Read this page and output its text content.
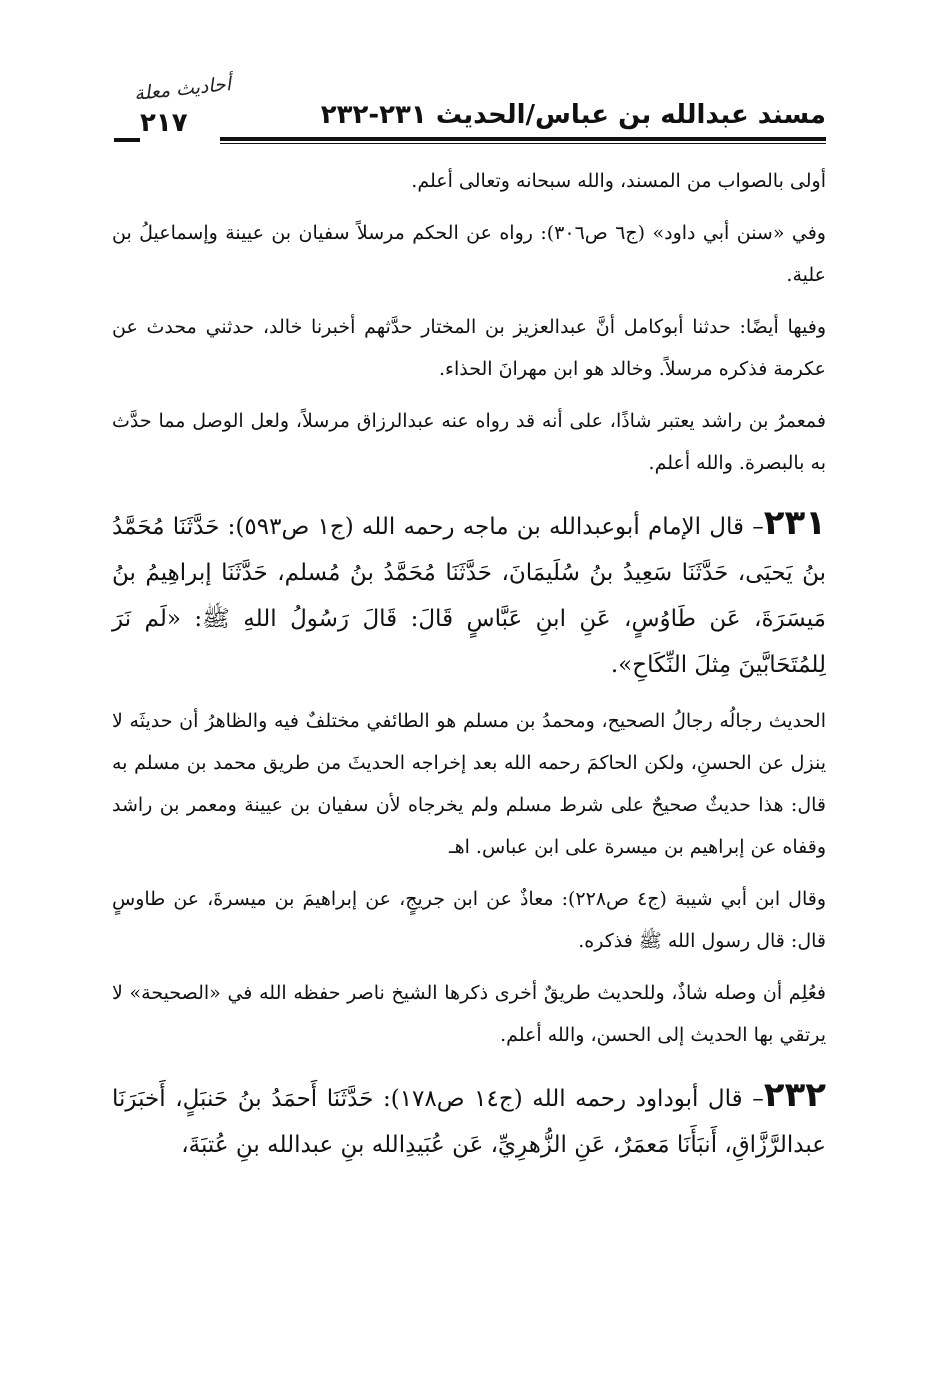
مسند عبدالله بن عباس/الحديث ٢٣١-٢٣٢
أحاديث معلة
٢١٧

أولى بالصواب من المسند، والله سبحانه وتعالى أعلم.

وفي «سنن أبي داود» (ج٦ ص٣٠٦): رواه عن الحكم مرسلاً سفيان بن عيينة وإسماعيلُ بن علية.

وفيها أيضًا: حدثنا أبوكامل أنَّ عبدالعزيز بن المختار حدَّثهم أخبرنا خالد، حدثني محدث عن عكرمة فذكره مرسلاً. وخالد هو ابن مهرانَ الحذاء.

فمعمرُ بن راشد يعتبر شاذًا، على أنه قد رواه عنه عبدالرزاق مرسلاً، ولعل الوصل مما حدَّث به بالبصرة. والله أعلم.

٢٣١– قال الإمام أبوعبدالله بن ماجه رحمه الله (ج١ ص٥٩٣): حَدَّثَنَا مُحَمَّدُ بنُ يَحيَى، حَدَّثَنَا سَعِيدُ بنُ سُلَيمَانَ، حَدَّثَنَا مُحَمَّدُ بنُ مُسلم، حَدَّثَنَا إبراهِيمُ بنُ مَيسَرَةَ، عَن طَاوُسٍ، عَنِ ابنِ عَبَّاسٍ قَالَ: قَالَ رَسُولُ اللهِ ﷺ: «لَم نَرَ لِلمُتَحَابَّينَ مِثلَ النِّكَاحِ».

الحديث رجالُه رجالُ الصحيح، ومحمدُ بن مسلم هو الطائفي مختلفٌ فيه والظاهرُ أن حديثَه لا ينزل عن الحسنِ، ولكن الحاكمَ رحمه الله بعد إخراجه الحديثَ من طريق محمد بن مسلم به قال: هذا حديثٌ صحيحٌ على شرط مسلم ولم يخرجاه لأن سفيان بن عيينة ومعمر بن راشد وقفاه عن إبراهيم بن ميسرة على ابن عباس. اهـ

وقال ابن أبي شيبة (ج٤ ص٢٢٨): معاذٌ عن ابن جريجٍ، عن إبراهيمَ بن ميسرةَ، عن طاوسٍ قال: قال رسول الله ﷺ فذكره.

فعُلِم أن وصله شاذٌ، وللحديث طريقٌ أخرى ذكرها الشيخ ناصر حفظه الله في «الصحيحة» لا يرتقي بها الحديث إلى الحسن، والله أعلم.

٢٣٢– قال أبوداود رحمه الله (ج١٤ ص١٧٨): حَدَّثَنَا أَحمَدُ بنُ حَنبَلٍ، أَخبَرَنَا عبدالرَّزَّاقِ، أَنبَأَنَا مَعمَرٌ، عَنِ الزُّهرِيِّ، عَن عُبَيدِالله بنِ عبدالله بنِ عُتبَةَ،
